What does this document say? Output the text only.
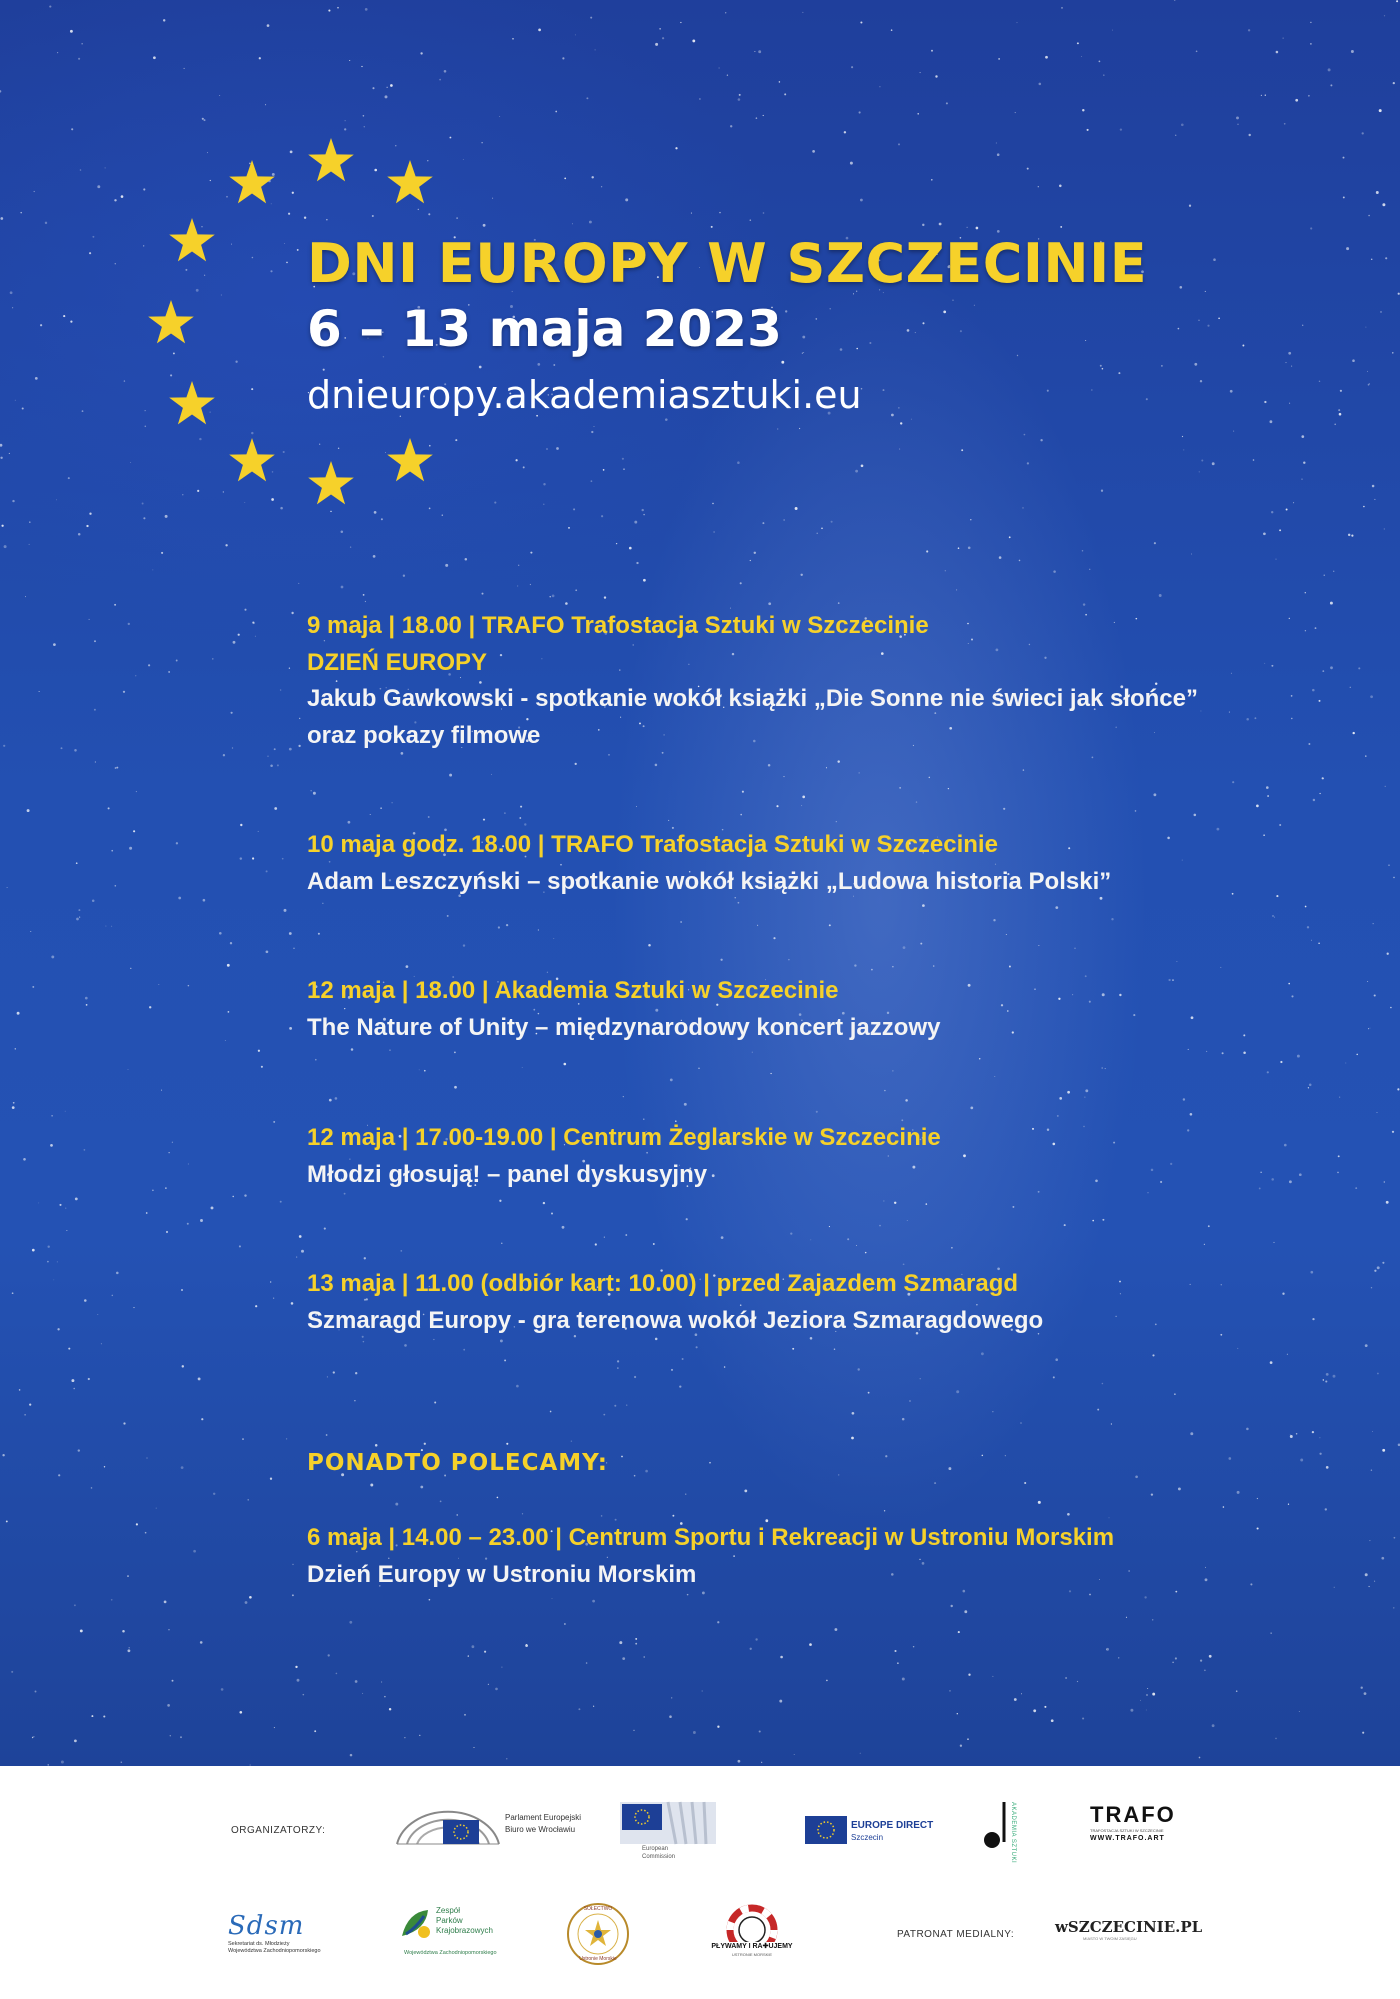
DNI EUROPY W SZCZECINIE
6 – 13 maja 2023
dnieuropy.akademiasztuki.eu
9 maja | 18.00 | TRAFO Trafostacja Sztuki w Szczecinie
DZIEŃ EUROPY
Jakub Gawkowski - spotkanie wokół książki „Die Sonne nie świeci jak słońce”
oraz pokazy filmowe
10 maja godz. 18.00 | TRAFO Trafostacja Sztuki w Szczecinie
Adam Leszczyński – spotkanie wokół książki „Ludowa historia Polski”
12 maja | 18.00 | Akademia Sztuki w Szczecinie
The Nature of Unity – międzynarodowy koncert jazzowy
12 maja | 17.00-19.00 | Centrum Żeglarskie w Szczecinie
Młodzi głosują! – panel dyskusyjny
13 maja | 11.00 (odbiór kart: 10.00) | przed Zajazdem Szmaragd
Szmaragd Europy - gra terenowa wokół Jeziora Szmaragdowego
PONADTO POLECAMY:
6 maja | 14.00 – 23.00 | Centrum Sportu i Rekreacji w Ustroniu Morskim
Dzień Europy w Ustroniu Morskim
ORGANIZATORZY:
Parlament Europejski
Biuro we Wrocławiu
European
Commission
EUROPE DIRECT
Szczecin	AKADEMIA SZTUKI	TRAFO
TRAFOSTACJA SZTUKI W SZCZECINIE
WWW.TRAFO.ART
Sdsm
Sekretariat ds. Młodzieży
Województwa Zachodniopomorskiego
Zespół
Parków
Krajobrazowych
Województwa Zachodniopomorskiego
SOŁECTWO
Ustronie Morskie
PŁYWAMY I RA✚UJEMY
USTRONIE MORSKIE
PATRONAT MEDIALNY:	wSZCZECINIE.PL
MIASTO W TWOIM ZASIĘGU
